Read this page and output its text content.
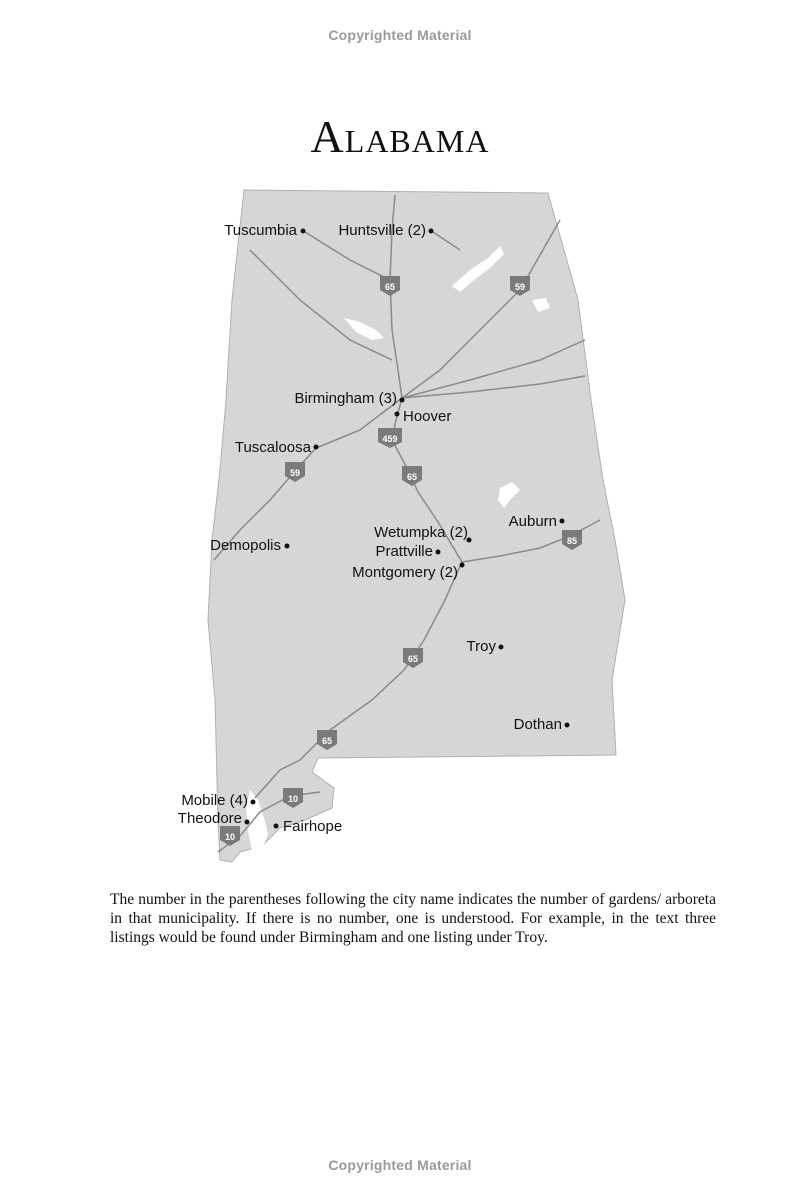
Copyrighted Material
Alabama
65	59
459
59	65
85
65
65
10
10
Tuscumbia	Huntsville (2)
Birmingham (3)
Hoover
Tuscaloosa
Demopolis
Wetumpka (2)
Auburn
Prattville
Montgomery (2)
Troy
Dothan
Mobile (4)
Theodore	Fairhope
The number in the parentheses following the city name indicates the number of gardens/ arboreta in that municipality. If there is no number, one is understood. For example, in the text three listings would be found under Birmingham and one listing under Troy.
Copyrighted Material
